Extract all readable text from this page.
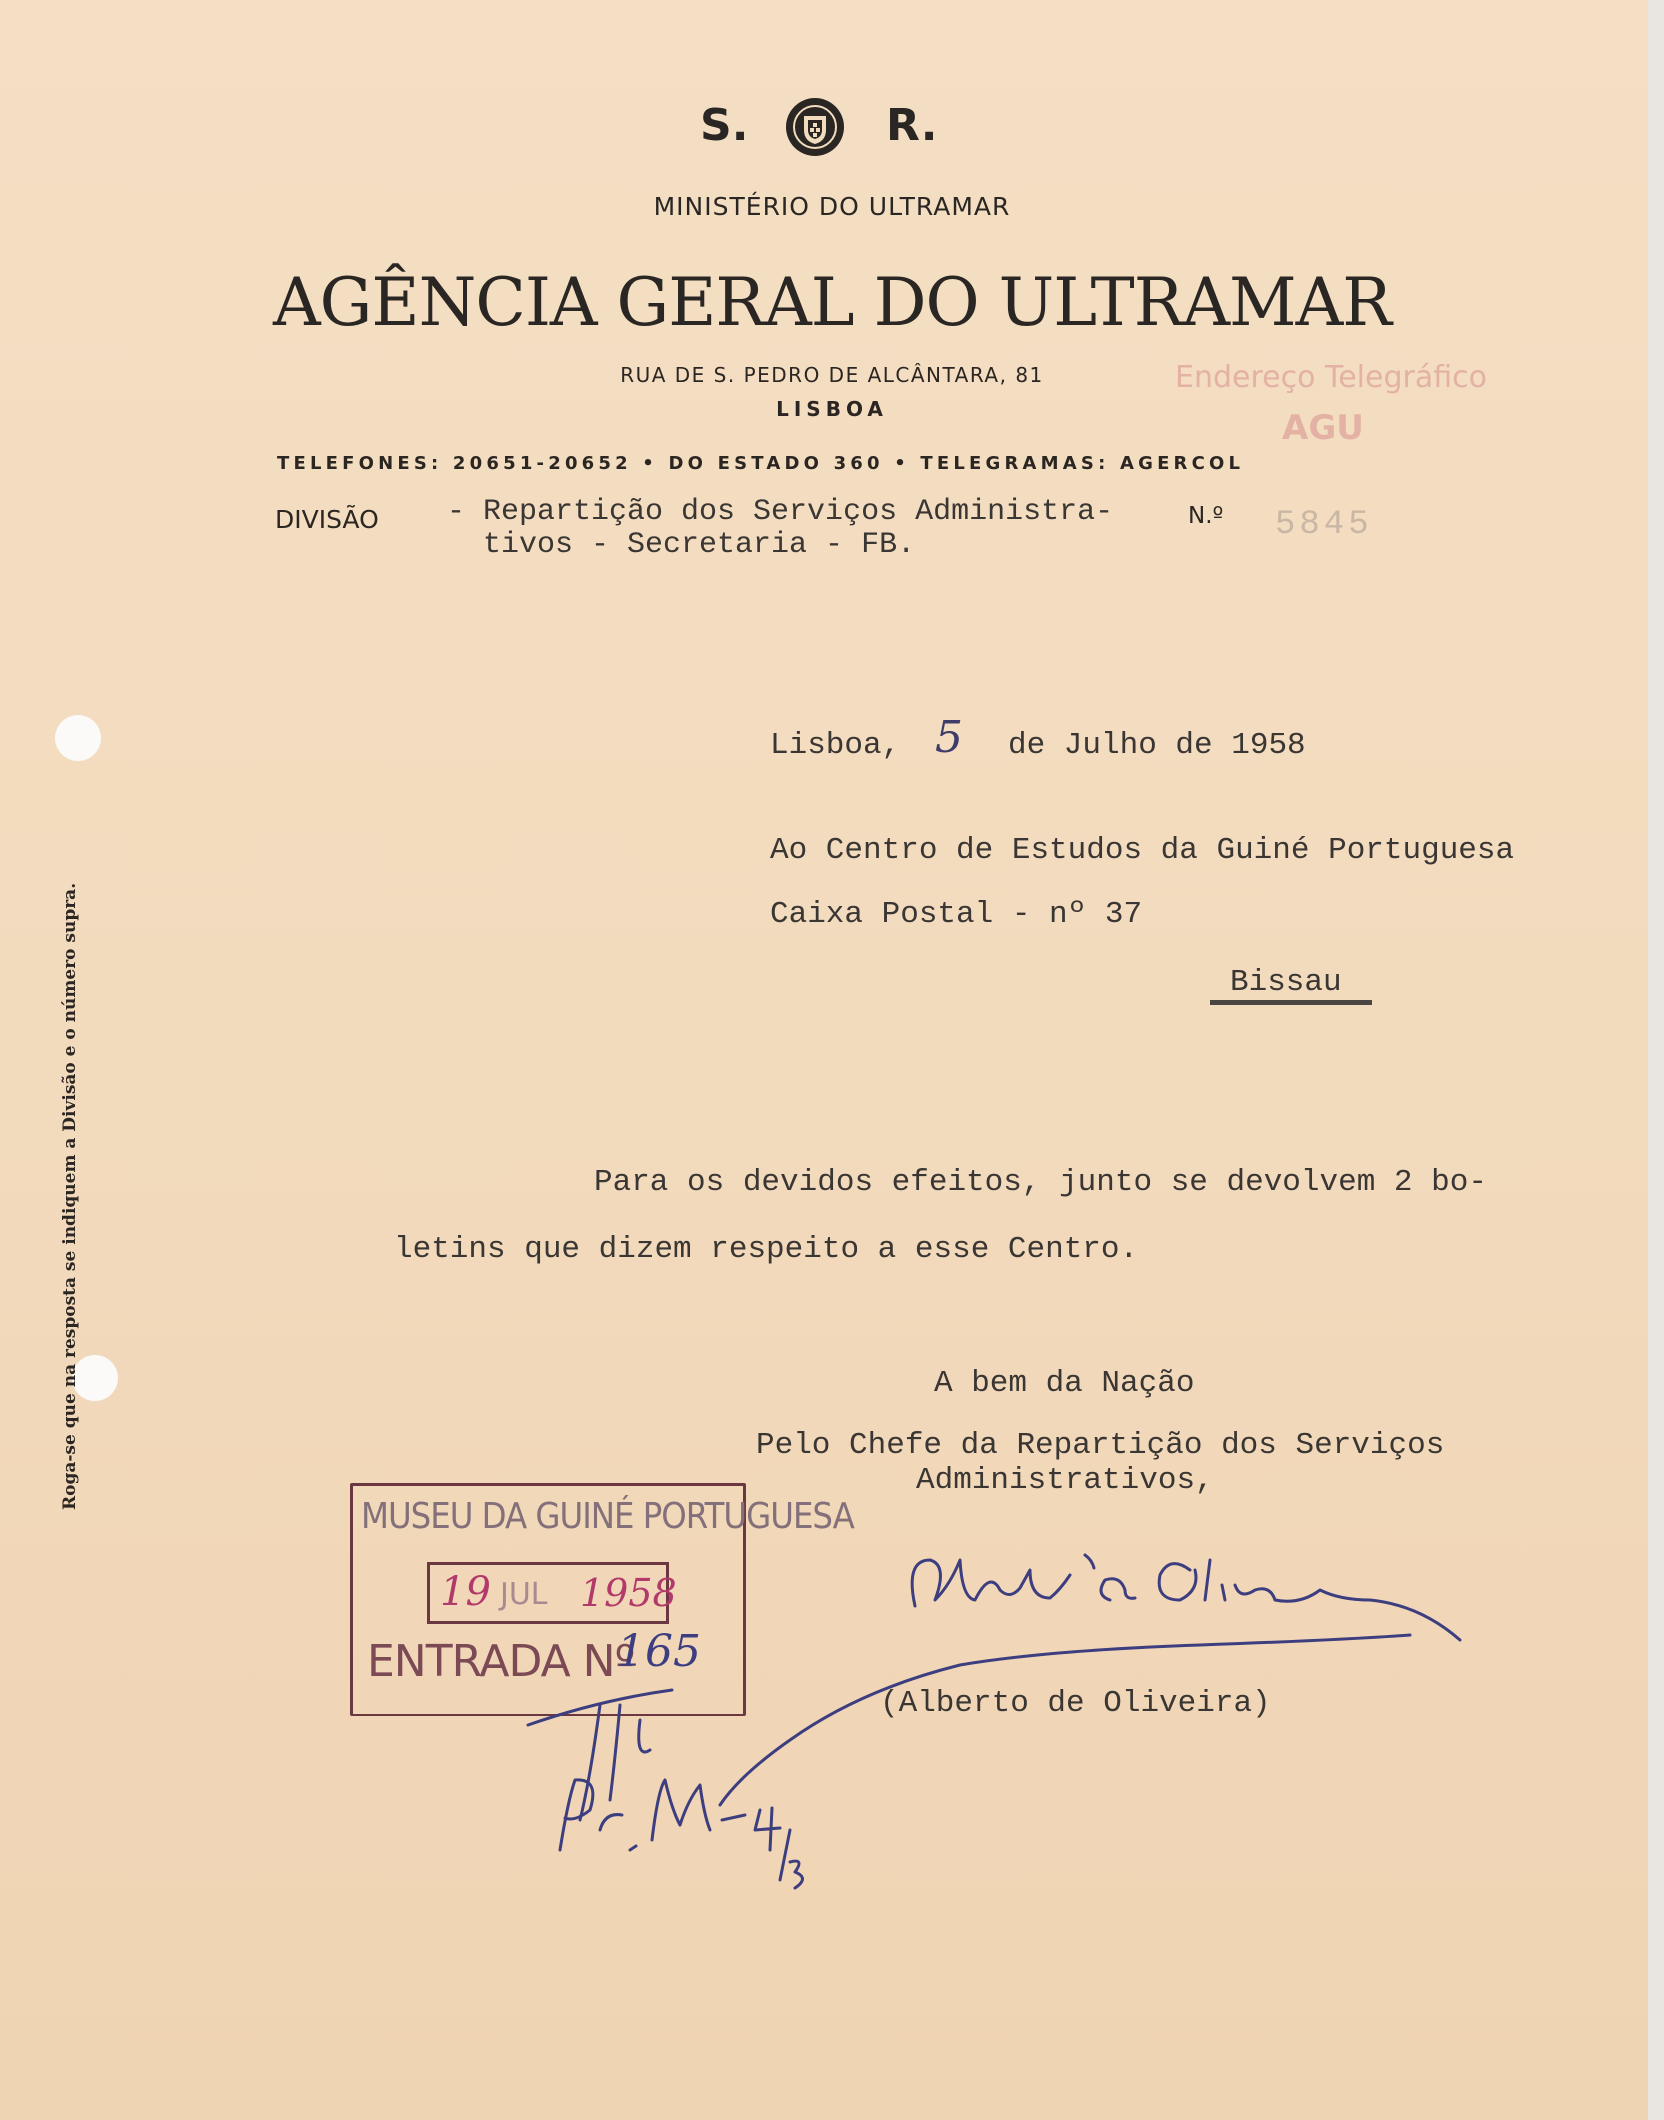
S.	R.
MINISTÉRIO DO ULTRAMAR
AGÊNCIA GERAL DO ULTRAMAR
RUA DE S. PEDRO DE ALCÂNTARA, 81
LISBOA
TELEFONES: 20651-20652 • DO ESTADO 360 • TELEGRAMAS: AGERCOL
Endereço Telegráfico
AGU
DIVISÃO - Repartição dos Serviços Administra-
tivos - Secretaria - FB.
N.º 5845
Lisboa, 5 de Julho de 1958
Ao Centro de Estudos da Guiné Portuguesa
Caixa Postal - nº 37
Bissau
Para os devidos efeitos, junto se devolvem 2 bo-
letins que dizem respeito a esse Centro.
A bem da Nação
Pelo Chefe da Repartição dos Serviços
Administrativos,
(Alberto de Oliveira)
Roga-se que na resposta se indiquem a Divisão e o número supra.
MUSEU DA GUINÉ PORTUGUESA
19 JUL 1958
ENTRADA Nº
165
